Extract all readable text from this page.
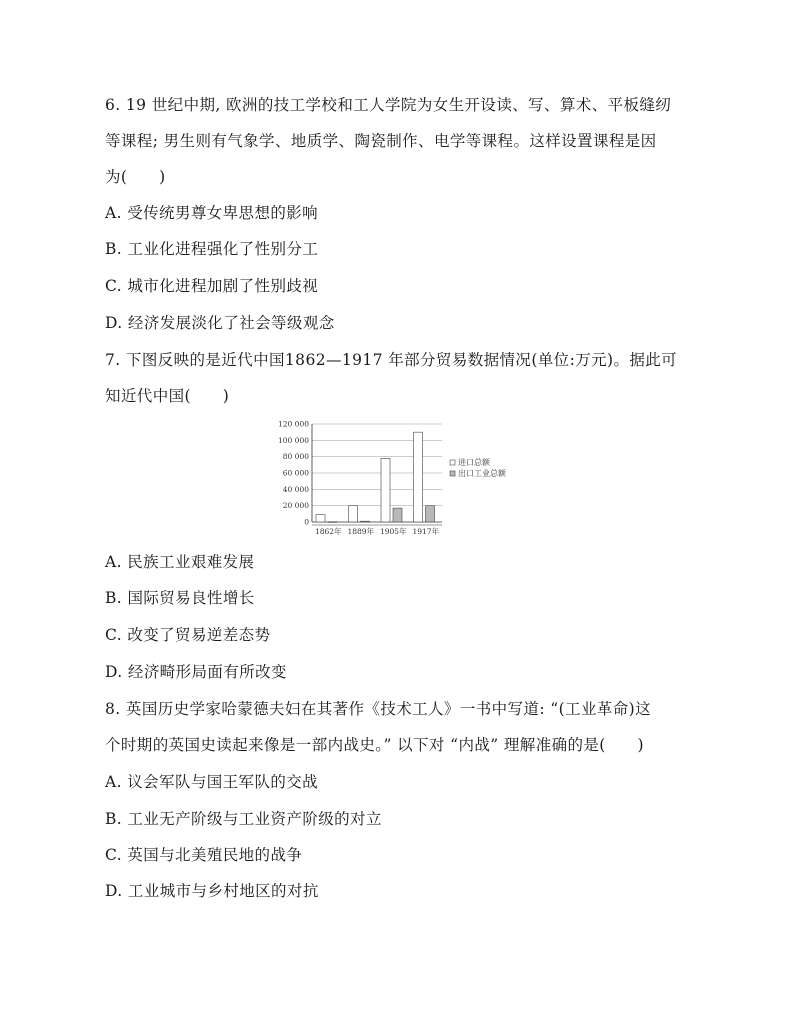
6. 19 世纪中期, 欧洲的技工学校和工人学院为女生开设读、写、算术、平板缝纫
等课程; 男生则有气象学、地质学、陶瓷制作、电学等课程。这样设置课程是因
为(　　)
A. 受传统男尊女卑思想的影响
B. 工业化进程强化了性别分工
C. 城市化进程加剧了性别歧视
D. 经济发展淡化了社会等级观念
7. 下图反映的是近代中国1862—1917 年部分贸易数据情况(单位:万元)。据此可
知近代中国(　　)
0
20 000
40 000
60 000
80 000
100 000
120 000
1862年 1889年 1905年 1917年
进口总额
出口工业总额
A. 民族工业艰难发展
B. 国际贸易良性增长
C. 改变了贸易逆差态势
D. 经济畸形局面有所改变
8. 英国历史学家哈蒙德夫妇在其著作《技术工人》一书中写道: “(工业革命)这
个时期的英国史读起来像是一部内战史。” 以下对 “内战” 理解准确的是(　　)
A. 议会军队与国王军队的交战
B. 工业无产阶级与工业资产阶级的对立
C. 英国与北美殖民地的战争
D. 工业城市与乡村地区的对抗
